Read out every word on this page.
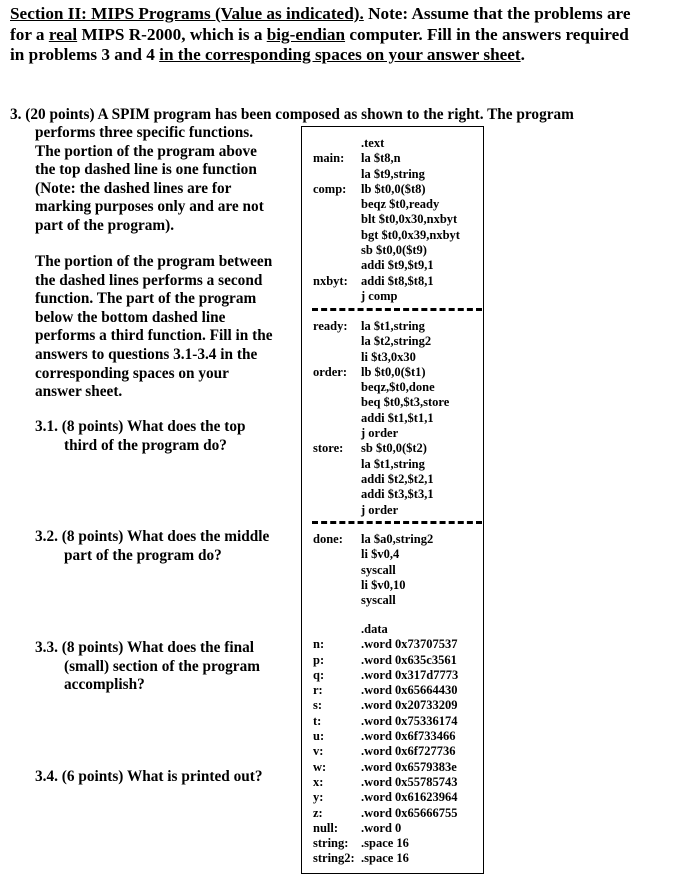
Section II: MIPS Programs (Value as indicated). Note: Assume that the problems are for a real MIPS R-2000, which is a big-endian computer. Fill in the answers required in problems 3 and 4 in the corresponding spaces on your answer sheet.
3. (20 points) A SPIM program has been composed as shown to the right. The program
performs three specific functions.
The portion of the program above
the top dashed line is one function
(Note: the dashed lines are for
marking purposes only and are not
part of the program).
The portion of the program between
the dashed lines performs a second
function. The part of the program
below the bottom dashed line
performs a third function. Fill in the
answers to questions 3.1-3.4 in the
corresponding spaces on your
answer sheet.
3.1. (8 points) What does the top
third of the program do?
3.2. (8 points) What does the middle
part of the program do?
3.3. (8 points) What does the final
(small) section of the program
accomplish?
3.4. (6 points) What is printed out?
.text
main: la $t8,n
la $t9,string
comp: lb $t0,0($t8)
beqz $t0,ready
blt $t0,0x30,nxbyt
bgt $t0,0x39,nxbyt
sb $t0,0($t9)
addi $t9,$t9,1
nxbyt: addi $t8,$t8,1
j comp
ready: la $t1,string
la $t2,string2
li $t3,0x30
order: lb $t0,0($t1)
beqz,$t0,done
beq $t0,$t3,store
addi $t1,$t1,1
j order
store: sb $t0,0($t2)
la $t1,string
addi $t2,$t2,1
addi $t3,$t3,1
j order
done: la $a0,string2
li $v0,4
syscall
li $v0,10
syscall
.data
n:	.word 0x73707537
p:	.word 0x635c3561
q:	.word 0x317d7773
r:	.word 0x65664430
s:	.word 0x20733209
t:	.word 0x75336174
u:	.word 0x6f733466
v:	.word 0x6f727736
w:	.word 0x6579383e
x:	.word 0x55785743
y:	.word 0x61623964
z:	.word 0x65666755
null: .word 0
string: .space 16
string2: .space 16
